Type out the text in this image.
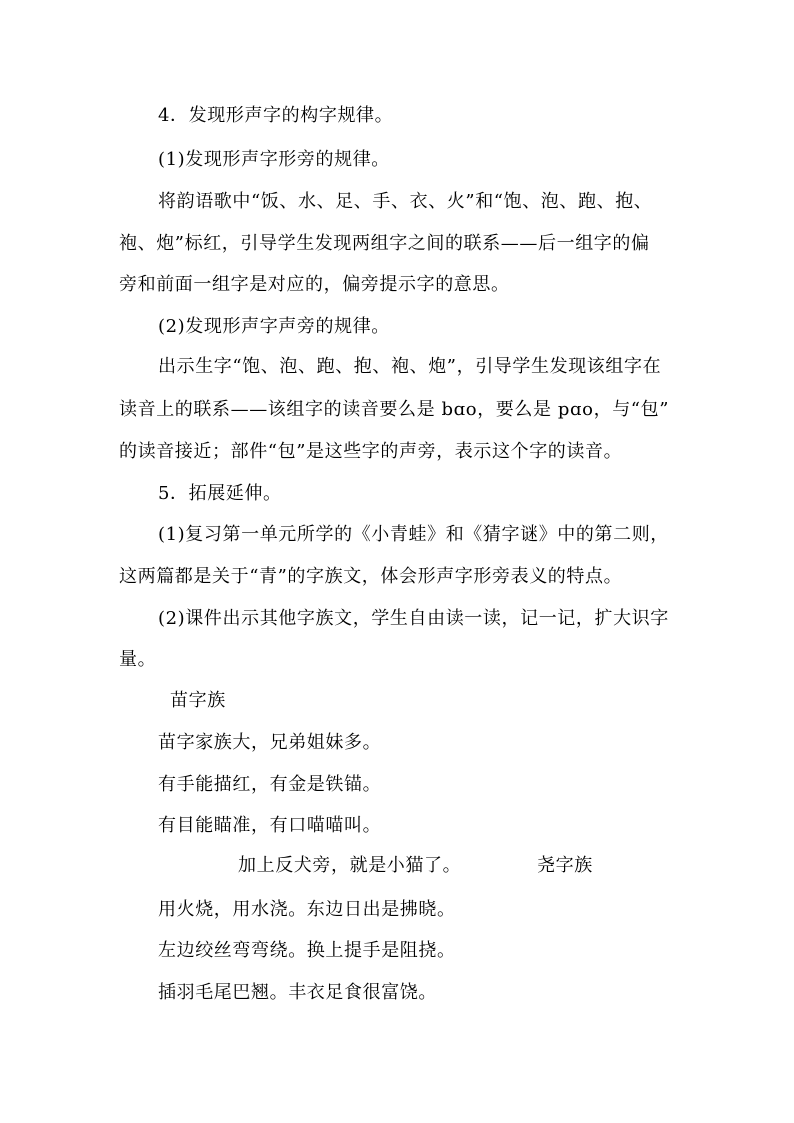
4．发现形声字的构字规律。
(1)发现形声字形旁的规律。
将韵语歌中“饭、水、足、手、衣、火”和“饱、泡、跑、抱、
袍、炮”标红，引导学生发现两组字之间的联系——后一组字的偏
旁和前面一组字是对应的，偏旁提示字的意思。
(2)发现形声字声旁的规律。
出示生字“饱、泡、跑、抱、袍、炮”，引导学生发现该组字在
读音上的联系——该组字的读音要么是 bɑo，要么是 pɑo，与“包”
的读音接近；部件“包”是这些字的声旁，表示这个字的读音。
5．拓展延伸。
(1)复习第一单元所学的《小青蛙》和《猜字谜》中的第二则，
这两篇都是关于“青”的字族文，体会形声字形旁表义的特点。
(2)课件出示其他字族文，学生自由读一读，记一记，扩大识字
量。
苗字族
苗字家族大，兄弟姐妹多。
有手能描红，有金是铁锚。
有目能瞄准，有口喵喵叫。
加上反犬旁，就是小猫了。	尧字族
用火烧，用水浇。东边日出是拂晓。
左边绞丝弯弯绕。换上提手是阻挠。
插羽毛尾巴翘。丰衣足食很富饶。
